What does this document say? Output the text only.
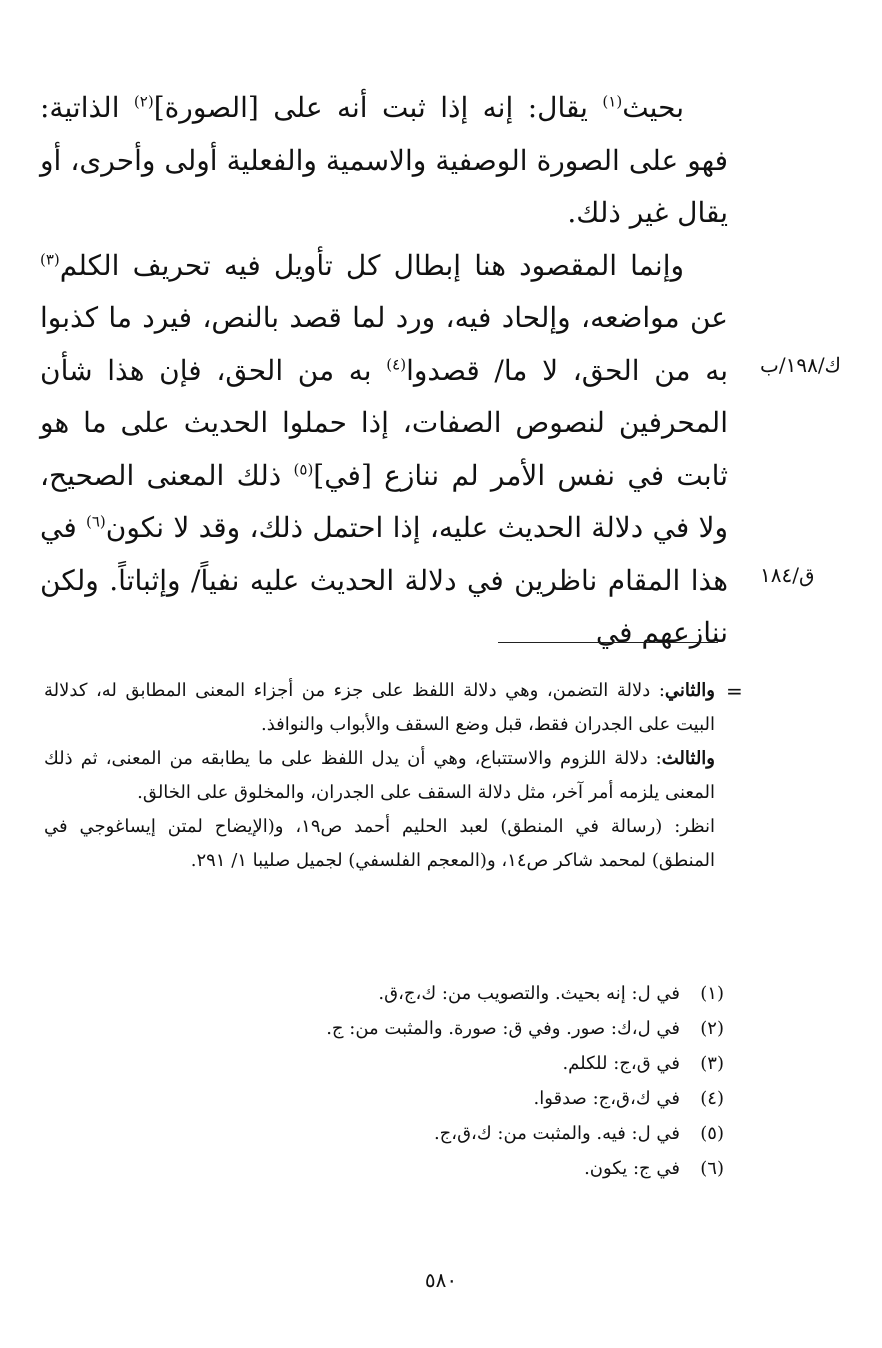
بحيث$^{(١)}$ يقال: إنه إذا ثبت أنه على [الصورة]$^{(٢)}$ الذاتية: فهو على الصورة الوصفية والاسمية والفعلية أولى وأحرى، أو يقال غير ذلك.

وإنما المقصود هنا إبطال كل تأويل فيه تحريف الكلم$^{(٣)}$ عن مواضعه، وإلحاد فيه، ورد لما قصد بالنص، فيرد ما كذبوا به من الحق، لا ما/ قصدوا$^{(٤)}$ به من الحق، فإن هذا شأن المحرفين لنصوص الصفات، إذا حملوا الحديث على ما هو ثابت في نفس الأمر لم ننازع [في]$^{(٥)}$ ذلك المعنى الصحيح، ولا في دلالة الحديث عليه، إذا احتمل ذلك، وقد لا نكون$^{(٦)}$ في هذا المقام ناظرين في دلالة الحديث عليه نفياً/ وإثباتاً. ولكن ننازعهم في

ك/١٩٨/ب
ق/١٨٤
=

والثاني: دلالة التضمن، وهي دلالة اللفظ على جزء من أجزاء المعنى المطابق له، كدلالة البيت على الجدران فقط، قبل وضع السقف والأبواب والنوافذ.

والثالث: دلالة اللزوم والاستتباع، وهي أن يدل اللفظ على ما يطابقه من المعنى، ثم ذلك المعنى يلزمه أمر آخر، مثل دلالة السقف على الجدران، والمخلوق على الخالق.

انظر: (رسالة في المنطق) لعبد الحليم أحمد ص١٩، و(الإيضاح لمتن إيساغوجي في المنطق) لمحمد شاكر ص١٤، و(المعجم الفلسفي) لجميل صليبا ١/ ٢٩١.

(١)
في ل: إنه بحيث. والتصويب من: ك،ج،ق.
(٢)
في ل،ك: صور. وفي ق: صورة. والمثبت من: ج.
(٣)
في ق،ج: للكلم.
(٤)
في ك،ق،ج: صدقوا.
(٥)
في ل: فيه. والمثبت من: ك،ق،ج.
(٦)
في ج: يكون.
٥٨٠
